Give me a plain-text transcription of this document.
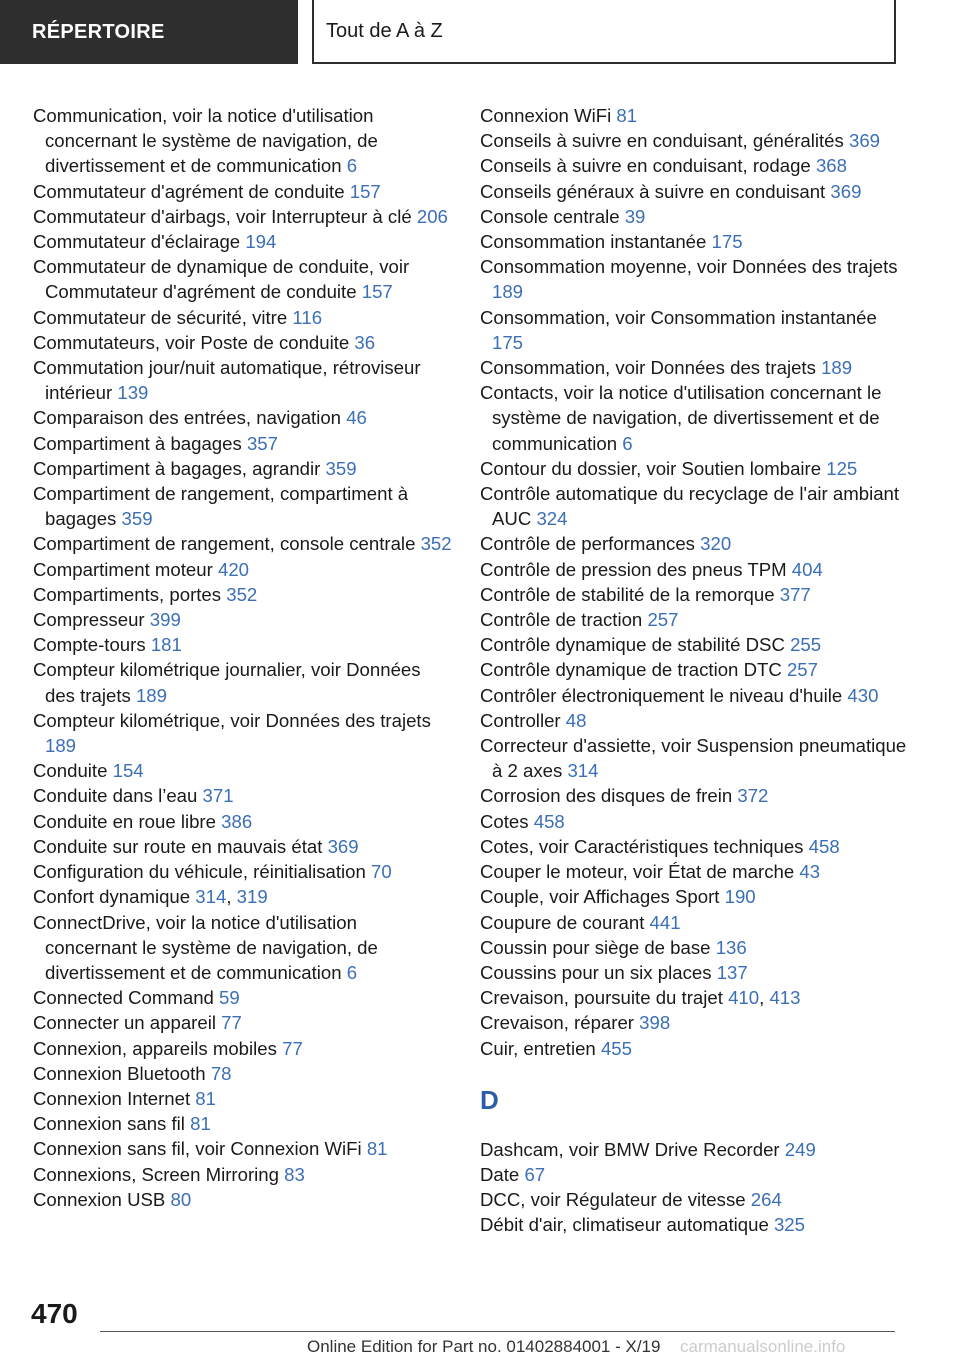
RÉPERTOIRE	Tout de A à Z

Communication, voir la notice d'utilisation concernant le système de navigation, de divertissement et de communication 6

Commutateur d'agrément de conduite 157

Commutateur d'airbags, voir Interrupteur à clé 206

Commutateur d'éclairage 194

Commutateur de dynamique de conduite, voir Commutateur d'agrément de conduite 157

Commutateur de sécurité, vitre 116

Commutateurs, voir Poste de conduite 36

Commutation jour/nuit automatique, rétroviseur intérieur 139

Comparaison des entrées, navigation 46

Compartiment à bagages 357

Compartiment à bagages, agrandir 359

Compartiment de rangement, compartiment à bagages 359

Compartiment de rangement, console centrale 352

Compartiment moteur 420

Compartiments, portes 352

Compresseur 399

Compte-tours 181

Compteur kilométrique journalier, voir Données des trajets 189

Compteur kilométrique, voir Données des trajets 189

Conduite 154

Conduite dans l’eau 371

Conduite en roue libre 386

Conduite sur route en mauvais état 369

Configuration du véhicule, réinitialisation 70

Confort dynamique 314, 319

ConnectDrive, voir la notice d'utilisation concernant le système de navigation, de divertissement et de communication 6

Connected Command 59

Connecter un appareil 77

Connexion, appareils mobiles 77

Connexion Bluetooth 78

Connexion Internet 81

Connexion sans fil 81

Connexion sans fil, voir Connexion WiFi 81

Connexions, Screen Mirroring 83

Connexion USB 80

Connexion WiFi 81

Conseils à suivre en conduisant, généralités 369

Conseils à suivre en conduisant, rodage 368

Conseils généraux à suivre en conduisant 369

Console centrale 39

Consommation instantanée 175

Consommation moyenne, voir Données des trajets 189

Consommation, voir Consommation instantanée 175

Consommation, voir Données des trajets 189

Contacts, voir la notice d'utilisation concernant le système de navigation, de divertissement et de communication 6

Contour du dossier, voir Soutien lombaire 125

Contrôle automatique du recyclage de l'air ambiant AUC 324

Contrôle de performances 320

Contrôle de pression des pneus TPM 404

Contrôle de stabilité de la remorque 377

Contrôle de traction 257

Contrôle dynamique de stabilité DSC 255

Contrôle dynamique de traction DTC 257

Contrôler électroniquement le niveau d'huile 430

Controller 48

Correcteur d'assiette, voir Suspension pneumatique à 2 axes 314

Corrosion des disques de frein 372

Cotes 458

Cotes, voir Caractéristiques techniques 458

Couper le moteur, voir État de marche 43

Couple, voir Affichages Sport 190

Coupure de courant 441

Coussin pour siège de base 136

Coussins pour un six places 137

Crevaison, poursuite du trajet 410, 413

Crevaison, réparer 398

Cuir, entretien 455

D

Dashcam, voir BMW Drive Recorder 249

Date 67

DCC, voir Régulateur de vitesse 264

Débit d'air, climatiseur automatique 325

470
Online Edition for Part no. 01402884001 - X/19 carmanualsonline.info
